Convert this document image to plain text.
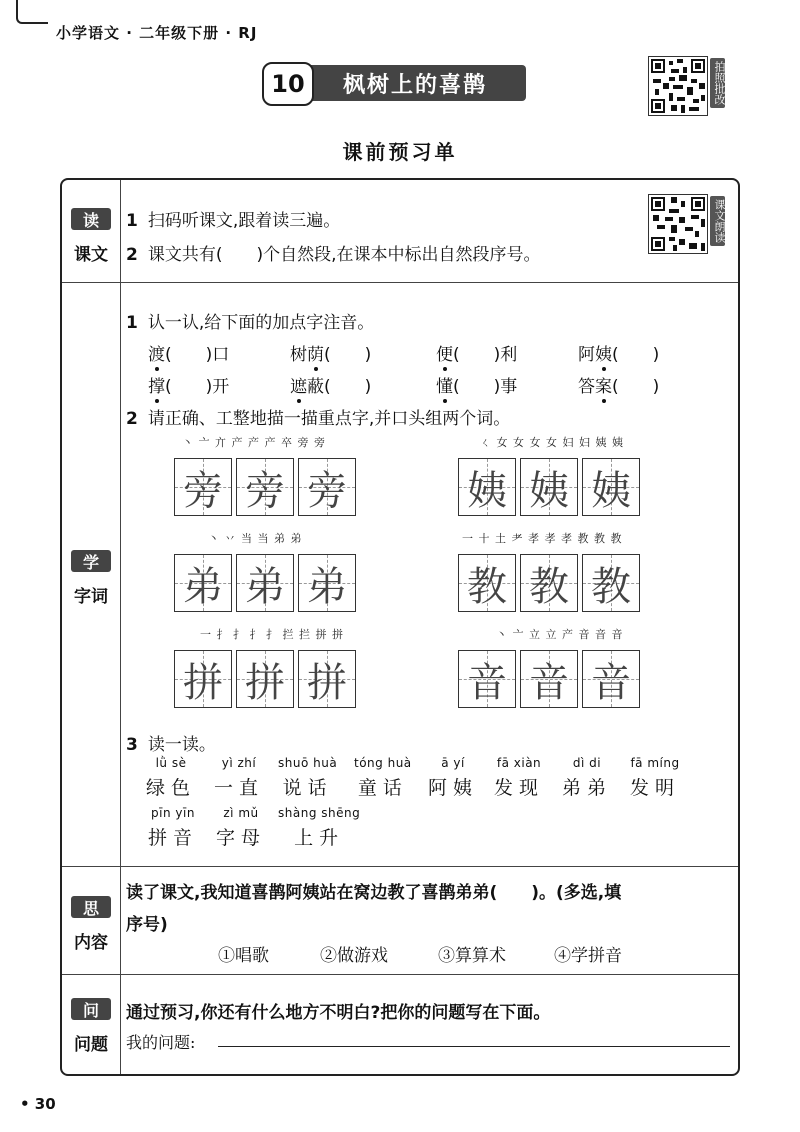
小学语文 · 二年级下册 · RJ
10	枫树上的喜鹊	拍照批改
课前预习单
读
课文
学
字词
思
内容
问
问题
1 扫码听课文,跟着读三遍。
2 课文共有(　　)个自然段,在课本中标出自然段序号。
课文朗读
1 认一认,给下面的加点字注音。
渡(　　)口	树荫(　　)	便(　　)利	阿姨(　　)
撑(　　)开	遮蔽(　　)	懂(　　)事	答案(　　)
2 请正确、工整地描一描重点字,并口头组两个词。
丶 亠 亣 产 产 产 卒 旁 旁
旁 旁 旁
ㄑ 女 女 女 女 妇 妇 姨 姨
姨 姨 姨
丶 丷 当 当 弟 弟
弟 弟 弟
一 十 土 耂 孝 孝 孝 教 教 教
教 教 教
一 扌 扌 扌 扌 拦 拦 拼 拼
拼 拼 拼
丶 亠 立 立 产 音 音 音
音 音 音
3 读一读。
lǜ sè
绿色
yì zhí
一直
shuō huà
说话
tóng huà
童话
ā yí
阿姨
fā xiàn
发现
dì di
弟弟
fā míng
发明
pīn yīn
拼音
zì mǔ
字母
shàng shēng
上升
读了课文,我知道喜鹊阿姨站在窝边教了喜鹊弟弟(　　)。(多选,填
序号)
①唱歌	②做游戏	③算算术	④学拼音
通过预习,你还有什么地方不明白?把你的问题写在下面。
我的问题:
• 30
